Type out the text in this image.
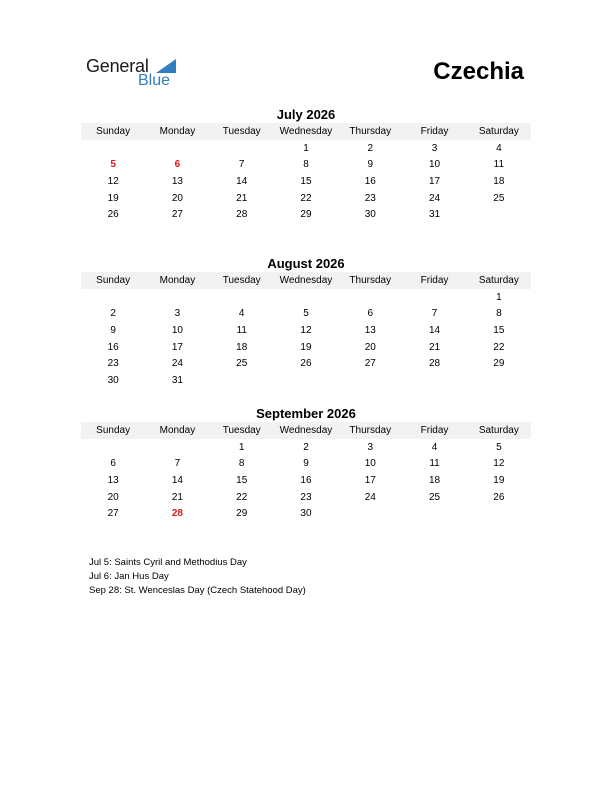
General
Blue	Czechia
July 2026
Sunday	Monday	Tuesday	Wednesday	Thursday	Friday	Saturday
			1	2	3	4
5	6	7	8	9	10	11
12	13	14	15	16	17	18
19	20	21	22	23	24	25
26	27	28	29	30	31	
August 2026
Sunday	Monday	Tuesday	Wednesday	Thursday	Friday	Saturday
						1
2	3	4	5	6	7	8
9	10	11	12	13	14	15
16	17	18	19	20	21	22
23	24	25	26	27	28	29
30	31					
September 2026
Sunday	Monday	Tuesday	Wednesday	Thursday	Friday	Saturday
		1	2	3	4	5
6	7	8	9	10	11	12
13	14	15	16	17	18	19
20	21	22	23	24	25	26
27	28	29	30			
Jul 5: Saints Cyril and Methodius Day
Jul 6: Jan Hus Day
Sep 28: St. Wenceslas Day (Czech Statehood Day)
